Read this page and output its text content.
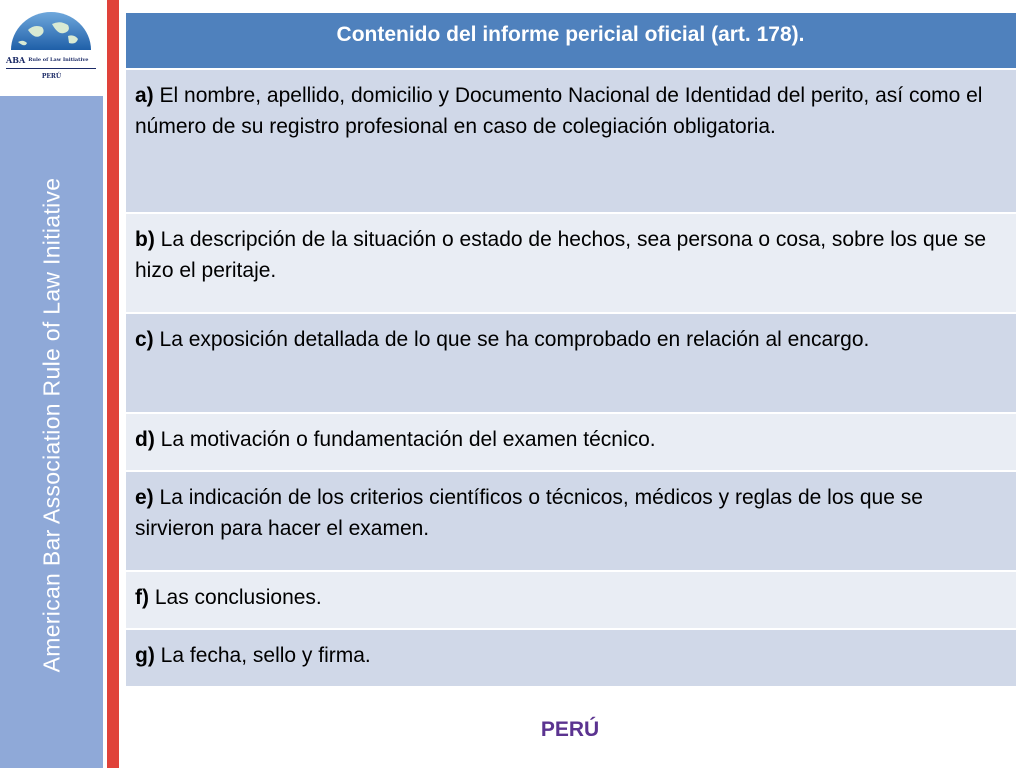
ABA Rule of Law Initiative
PERÚ
American Bar Association Rule of Law Initiative
Contenido del informe pericial oficial (art. 178).
a) El nombre, apellido, domicilio y Documento Nacional de Identidad del perito, así como el número de su registro profesional en caso de colegiación obligatoria.
b) La descripción de la situación o estado de hechos, sea persona o cosa, sobre los que se hizo el peritaje.
c) La exposición detallada de lo que se ha comprobado en relación al encargo.
d) La motivación o fundamentación del examen técnico.
e) La indicación de los criterios científicos o técnicos, médicos y reglas de los que se sirvieron para hacer el examen.
f) Las conclusiones.
g) La fecha, sello y firma.
PERÚ
